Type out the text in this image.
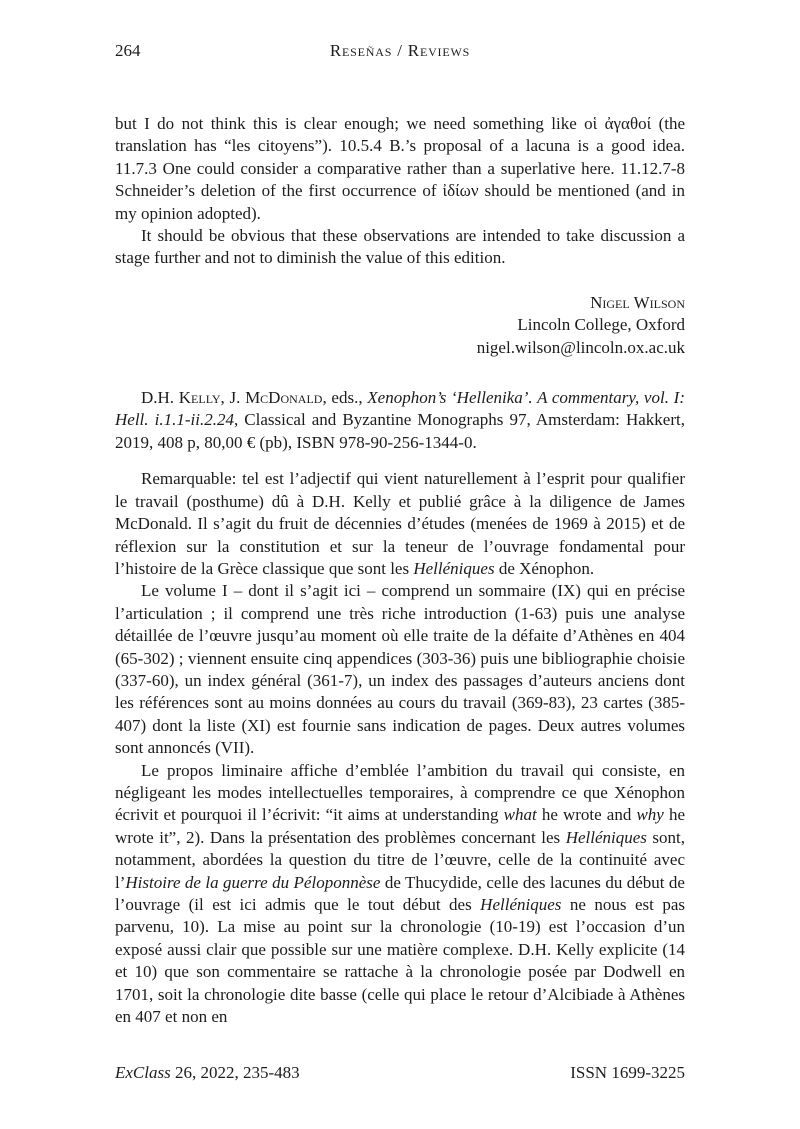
264	Reseñas / Reviews

but I do not think this is clear enough; we need something like οἱ ἀγαθοί (the translation has “les citoyens”). 10.5.4 B.’s proposal of a lacuna is a good idea. 11.7.3 One could consider a comparative rather than a superlative here. 11.12.7-8 Schneider’s deletion of the first occurrence of ἰδίων should be mentioned (and in my opinion adopted).

It should be obvious that these observations are intended to take discussion a stage further and not to diminish the value of this edition.

Nigel Wilson
Lincoln College, Oxford
nigel.wilson@lincoln.ox.ac.uk

D.H. Kelly, J. McDonald, eds., Xenophon’s ‘Hellenika’. A commentary, vol. I: Hell. i.1.1-ii.2.24, Classical and Byzantine Monographs 97, Amsterdam: Hakkert, 2019, 408 p, 80,00 € (pb), ISBN 978-90-256-1344-0.

Remarquable: tel est l’adjectif qui vient naturellement à l’esprit pour qualifier le travail (posthume) dû à D.H. Kelly et publié grâce à la diligence de James McDonald. Il s’agit du fruit de décennies d’études (menées de 1969 à 2015) et de réflexion sur la constitution et sur la teneur de l’ouvrage fondamental pour l’histoire de la Grèce classique que sont les Helléniques de Xénophon.

Le volume I – dont il s’agit ici – comprend un sommaire (IX) qui en précise l’articulation ; il comprend une très riche introduction (1-63) puis une analyse détaillée de l’œuvre jusqu’au moment où elle traite de la défaite d’Athènes en 404 (65-302) ; viennent ensuite cinq appendices (303-36) puis une bibliographie choisie (337-60), un index général (361-7), un index des passages d’auteurs anciens dont les références sont au moins données au cours du travail (369-83), 23 cartes (385-407) dont la liste (XI) est fournie sans indication de pages. Deux autres volumes sont annoncés (VII).

Le propos liminaire affiche d’emblée l’ambition du travail qui consiste, en négligeant les modes intellectuelles temporaires, à comprendre ce que Xénophon écrivit et pourquoi il l’écrivit: “it aims at understanding what he wrote and why he wrote it”, 2). Dans la présentation des problèmes concernant les Helléniques sont, notamment, abordées la question du titre de l’œuvre, celle de la continuité avec l’Histoire de la guerre du Péloponnèse de Thucydide, celle des lacunes du début de l’ouvrage (il est ici admis que le tout début des Helléniques ne nous est pas parvenu, 10). La mise au point sur la chronologie (10-19) est l’occasion d’un exposé aussi clair que possible sur une matière complexe. D.H. Kelly explicite (14 et 10) que son commentaire se rattache à la chronologie posée par Dodwell en 1701, soit la chronologie dite basse (celle qui place le retour d’Alcibiade à Athènes en 407 et non en

ExClass 26, 2022, 235-483	ISSN 1699-3225
